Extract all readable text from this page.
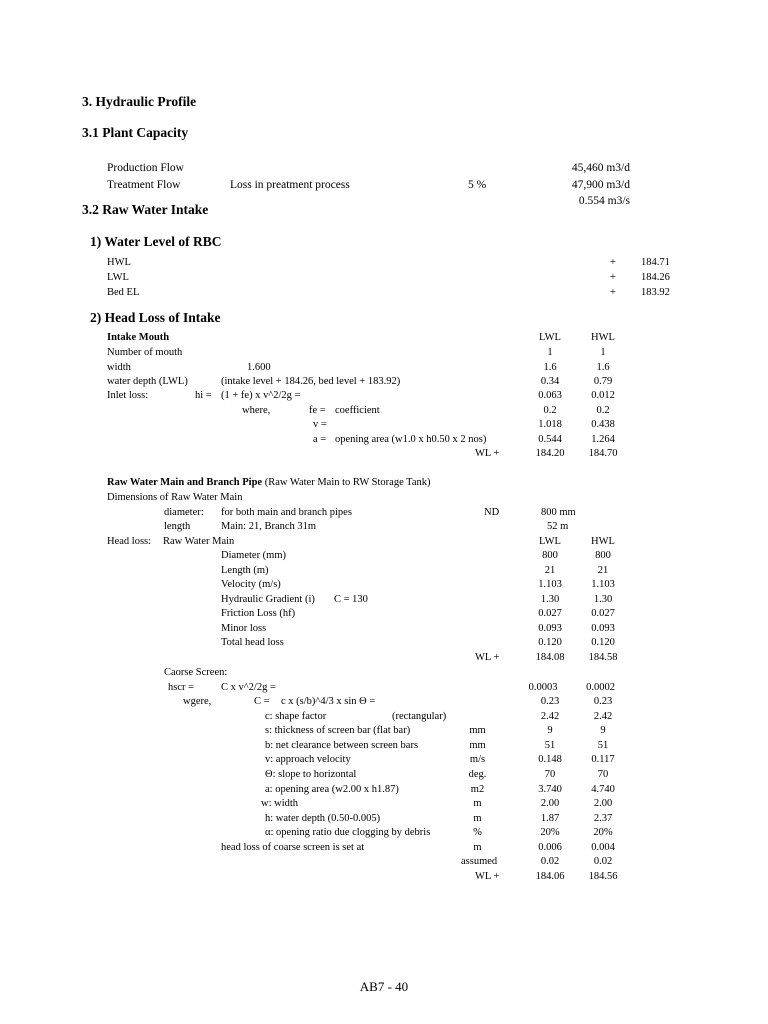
3. Hydraulic Profile
3.1 Plant Capacity
Production Flow	45,460 m3/d
Treatment Flow	Loss in preatment process	5 %	47,900 m3/d
0.554 m3/s
3.2 Raw Water Intake
1) Water Level of RBC
HWL	+ 184.71
LWL	+ 184.26
Bed EL	+ 183.92
2) Head Loss of Intake
Intake Mouth	LWL	HWL
Number of mouth	1	1
width	1.600	1.6	1.6
water depth (LWL)	(intake level + 184.26, bed level + 183.92)	0.34	0.79
Inlet loss:	hi = (1 + fe) x v^2/2g =	0.063	0.012
where,	fe = coefficient	0.2	0.2
v =	1.018	0.438
a = opening area (w1.0 x h0.50 x 2 nos)	0.544	1.264
WL +	184.20	184.70
Raw Water Main and Branch Pipe (Raw Water Main to RW Storage Tank)
Dimensions of Raw Water Main
diameter: for both main and branch pipes	ND	800 mm
length	Main: 21, Branch 31m	52 m
Head loss: Raw Water Main	LWL	HWL
Diameter (mm)	800	800
Length (m)	21	21
Velocity (m/s)	1.103	1.103
Hydraulic Gradient (i) C = 130	1.30	1.30
Friction Loss (hf)	0.027	0.027
Minor loss	0.093	0.093
Total head loss	0.120	0.120
WL +	184.08	184.58
Caorse Screen:
hscr =	C x v^2/2g =	0.0003	0.0002
wgere,	C = c x (s/b)^4/3 x sin Θ =	0.23	0.23
c: shape factor	(rectangular)	2.42	2.42
s: thickness of screen bar (flat bar)	mm	9	9
b: net clearance between screen bars	mm	51	51
v: approach velocity	m/s	0.148	0.117
Θ: slope to horizontal	deg.	70	70
a: opening area (w2.00 x h1.87)	m2	3.740	4.740
w: width	m	2.00	2.00
h: water depth (0.50-0.005)	m	1.87	2.37
α: opening ratio due clogging by debris	%	20%	20%
head loss of coarse screen is set at	m	0.006	0.004
assumed	0.02	0.02
WL +	184.06	184.56
AB7 - 40
